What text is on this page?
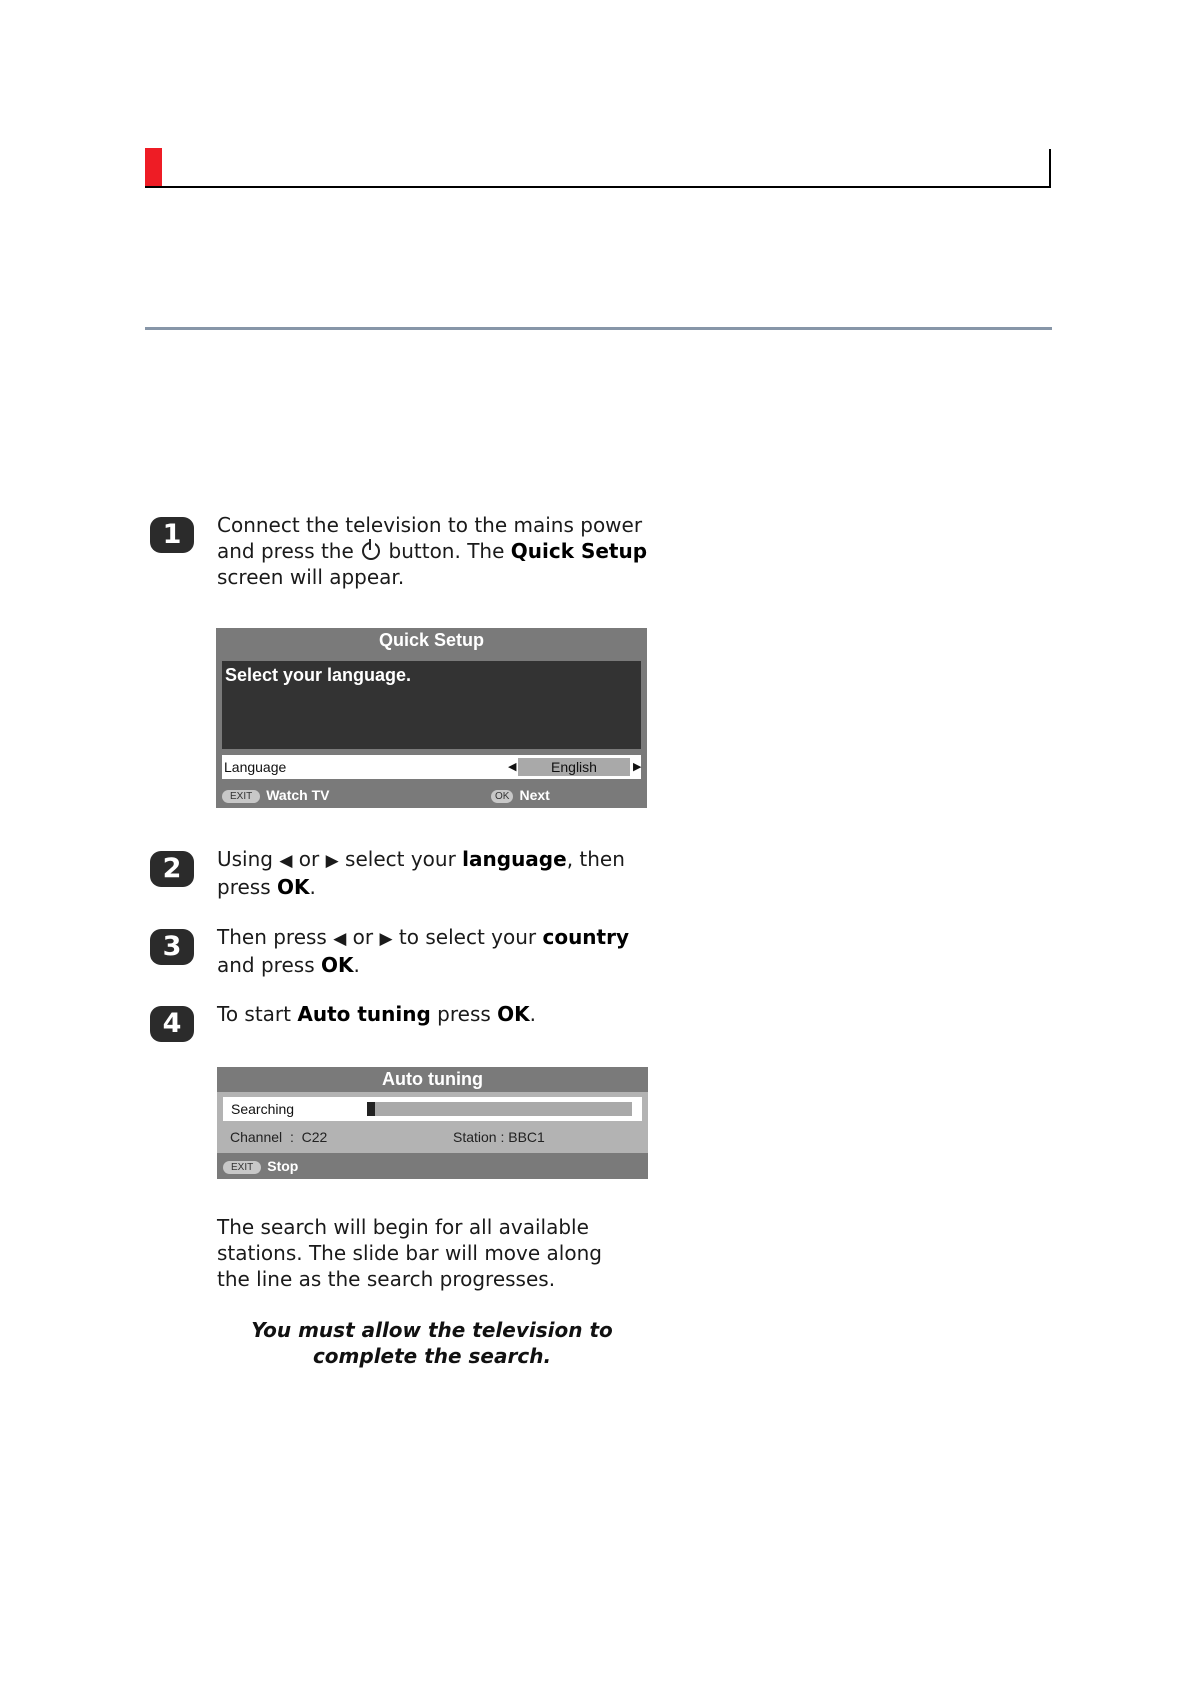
1	Connect the television to the mains power and press the  button. The Quick Setup screen will appear.
Quick Setup
Select your language.
Language	◀	English	▶
EXIT Watch TV	OK Next
2	Using ◀ or ▶ select your language, then press OK.
3	Then press ◀ or ▶ to select your country and press OK.
4	To start Auto tuning press OK.
Auto tuning
Searching
Channel : C22	Station : BBC1
EXIT Stop
The search will begin for all available stations. The slide bar will move along the line as the search progresses.
You must allow the television to complete the search.
